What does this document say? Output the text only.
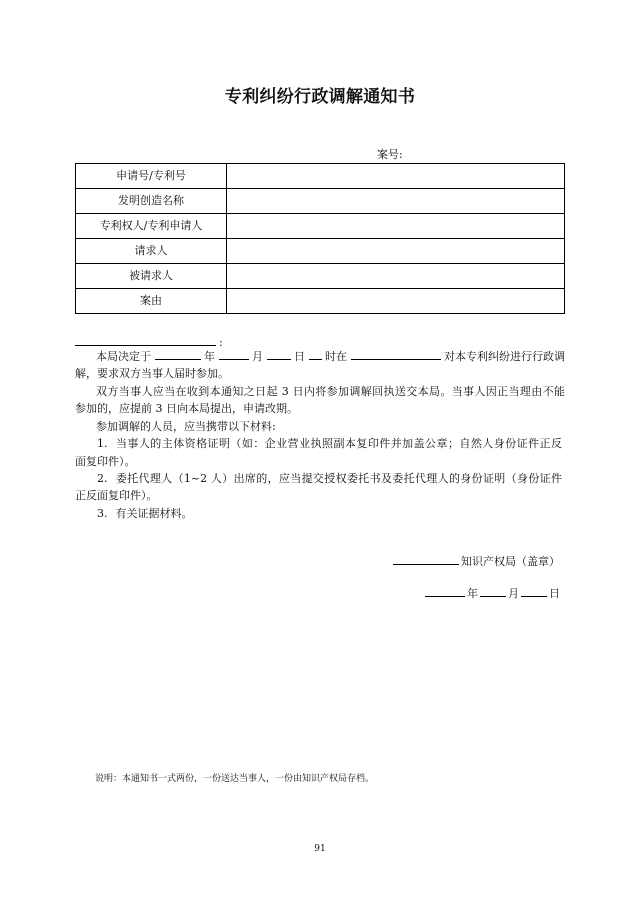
专利纠纷行政调解通知书
案号:
申请号/专利号	
发明创造名称	
专利权人/专利申请人	
请求人	
被请求人	
案由	
:
本局决定于	年	月	日 时在	对本专利纠纷进行行政调
解，要求双方当事人届时参加。
双方当事人应当在收到本通知之日起 3 日内将参加调解回执送交本局。当事人因正当理由不能
参加的，应提前 3 日向本局提出，申请改期。
参加调解的人员，应当携带以下材料:
1. 当事人的主体资格证明（如：企业营业执照副本复印件并加盖公章；自然人身份证件正反
面复印件）。
2. 委托代理人（1~2 人）出席的，应当提交授权委托书及委托代理人的身份证明（身份证件
正反面复印件）。
3. 有关证据材料。
知识产权局（盖章）
年	月	日
说明：本通知书一式两份，一份送达当事人，一份由知识产权局存档。
91
